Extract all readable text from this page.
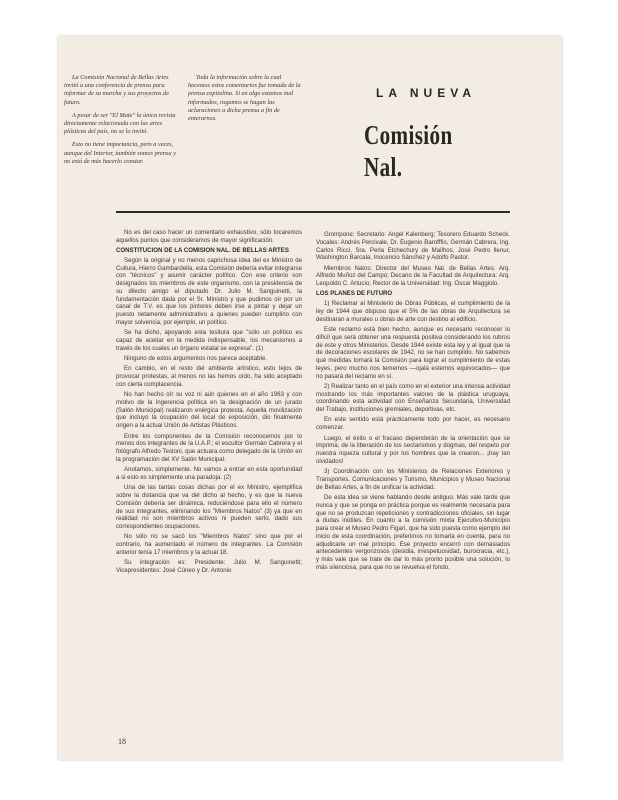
La Comisión Nacional de Bellas Artes invitó a una conferencia de prensa para informar de su marcha y sus proyectos de futuro.

A pesar de ser "El Mate" la única revista directamente relacionada con las artes plásticas del país, no se lo invitó.

Esto no tiene importancia, pero a veces, aunque del Interior, también somos prensa y no está de más hacerlo constar.

Toda la información sobre la cual hacemos estos comentarios fue tomada de la prensa capitalina. Si en algo estamos mal informados, rogamos se hagan las aclaraciones a dicha prensa a fin de enterarnos.

LA NUEVA
Comisión Nal.

No es del caso hacer un comentario exhaustivo, sólo tocaremos aquellos puntos que consideramos de mayor significación.

CONSTITUCION DE LA COMISION NAL. DE BELLAS ARTES

Según la original y no menos caprichosa idea del ex Ministro de Cultura, Hierro Gambardella, esta Comisión debería evitar integrarse con "técnicos" y asumir carácter político. Con ese criterio son designados los miembros de este organismo, con la presidencia de su dilecto amigo el diputado Dr. Julio M. Sanguinetti, la fundamentación dada por el Sr. Ministro y que pudimos oír por un canal de T.V. es que los pintores deben irse a pintar y dejar un puesto netamente administrativo a quienes pueden cumplirlo con mayor solvencia, por ejemplo, un político.

Se ha dicho, apoyando esta tesitura que "sólo un político es capaz de aceitar en la medida indispensable, los mecanismos a través de los cuales un órgano estatal se expresa". (1)

Ninguno de estos argumentos nos parece aceptable.

En cambio, en el resto del ambiente artístico, esto lejos de provocar protestas, al menos no las hemos oído, ha sido aceptado con cierta complacencia.

No han hecho oír su voz ni aún quienes en el año 1963 y con motivo de la ingerencia política en la designación de un jurado (Salón Municipal) realizaron enérgica protesta. Aquella movilización que incluyó la ocupación del local de exposición, dio finalmente origen a la actual Unión de Artistas Plásticos.

Entre los componentes de la Comisión reconocemos por lo menos dos integrantes de la U.A.P.; el escultor Germán Cabrera y el fotógrafo Alfredo Testoni, que actuara como delegado de la Unión en la programación del XV Salón Municipal.

Anotamos, simplemente. No vamos a entrar en esta oportunidad a si esto es simplemente una paradoja. (2)

Una de las tantas cosas dichas por el ex Ministro, ejemplifica sobre la distancia que va del dicho al hecho, y es que la nueva Comisión debería ser dinámica, reduciéndose para ello el número de sus integrantes, eliminando los "Miembros Natos" (3) ya que en realidad no son miembros activos ni pueden serlo, dado sus correspondientes ocupaciones.

No sólo no se sacó los "Miembros Natos" sino que por el contrario, ha aumentado el número de integrantes. La Comisión anterior tenía 17 miembros y la actual 18.

Su integración es: Presidente: Julio M. Sanguinetti; Vicepresidentes: José Cúneo y Dr. Antonio

Grompone; Secretario: Angel Kalenberg; Tesorero Eduardo Scheck. Vocales: Andrés Percivale, Dr. Eugenio Barofffio, Germán Cabrera, Ing. Carlos Ricci, Sra. Perla Etchechury de Mailhos, José Pedro llenur, Washington Barcala, Inocencio Sánchez y Adolfo Pastor.

Miembros Natos: Director del Museo Nal. de Bellas Artes: Arq. Alfredo Muñoz del Campo; Decano de la Facultad de Arquitectura: Arq. Leopoldo C. Artucio; Rector de la Universidad: Ing. Oscar Maggiolo.

LOS PLANES DE FUTURO

1) Reclamar al Ministerio de Obras Públicas, el cumplimiento de la ley de 1944 que dispuso que el 5% de las obras de Arquitectura se destinaran a murales u obras de arte con destino al edificio.

Este reclamo está bien hecho, aunque es necesario reconocer lo difícil que será obtener una respuesta positiva considerando los rubros de este y otros Ministerios. Desde 1944 existe esta ley y al igual que la de decoraciones escolares de 1942, no se han cumplido. No sabemos qué medidas tomará la Comisión para lograr el cumplimiento de estas leyes, pero mucho nos tememos —ojalá estemos equivocados— que no pasará del reclamo en sí.

2) Realizar tanto en el país como en el exterior una intensa actividad mostrando los más importantes valores de la plástica uruguaya, coordinando esta actividad con Enseñanza Secundaria, Universidad del Trabajo, instituciones gremiales, deportivas, etc.

En este sentido está prácticamente todo por hacer, es necesario comenzar.

Luego, el éxito o el fracaso dependerán de la orientación que se imprima, de la liberación de los sectarismos y dogmas, del respeto por nuestra riqueza cultural y por los hombres que la crearon... ¡hay tan olvidados!

3) Coordinación con los Ministerios de Relaciones Exteriores y Transportes, Comunicaciones y Turismo, Municipios y Museo Nacional de Bellas Artes, a fin de unificar la actividad.

De esta idea se viene hablando desde antiguo. Más vale tarde que nunca y que se ponga en práctica porque es realmente necesaria para que no se produzcan repeticiones y contradicciones oficiales, sin lugar a dudas inútiles. En cuanto a la comisión mixta Ejecutivo-Municipio para crear el Museo Pedro Figari, que ha sido puesta como ejemplo del inicio de esta coordinación, preferimos no tomarla en cuenta, para no adjudicarle un mal principio. Ese proyecto encerró con demasiados antecedentes vergonzosos (desidia, irrespetuosidad, burocracia, etc.), y más vale que se trate de dar lo más pronto posible una solución, lo más silenciosa, para que no se revuelva el fondo.

18
